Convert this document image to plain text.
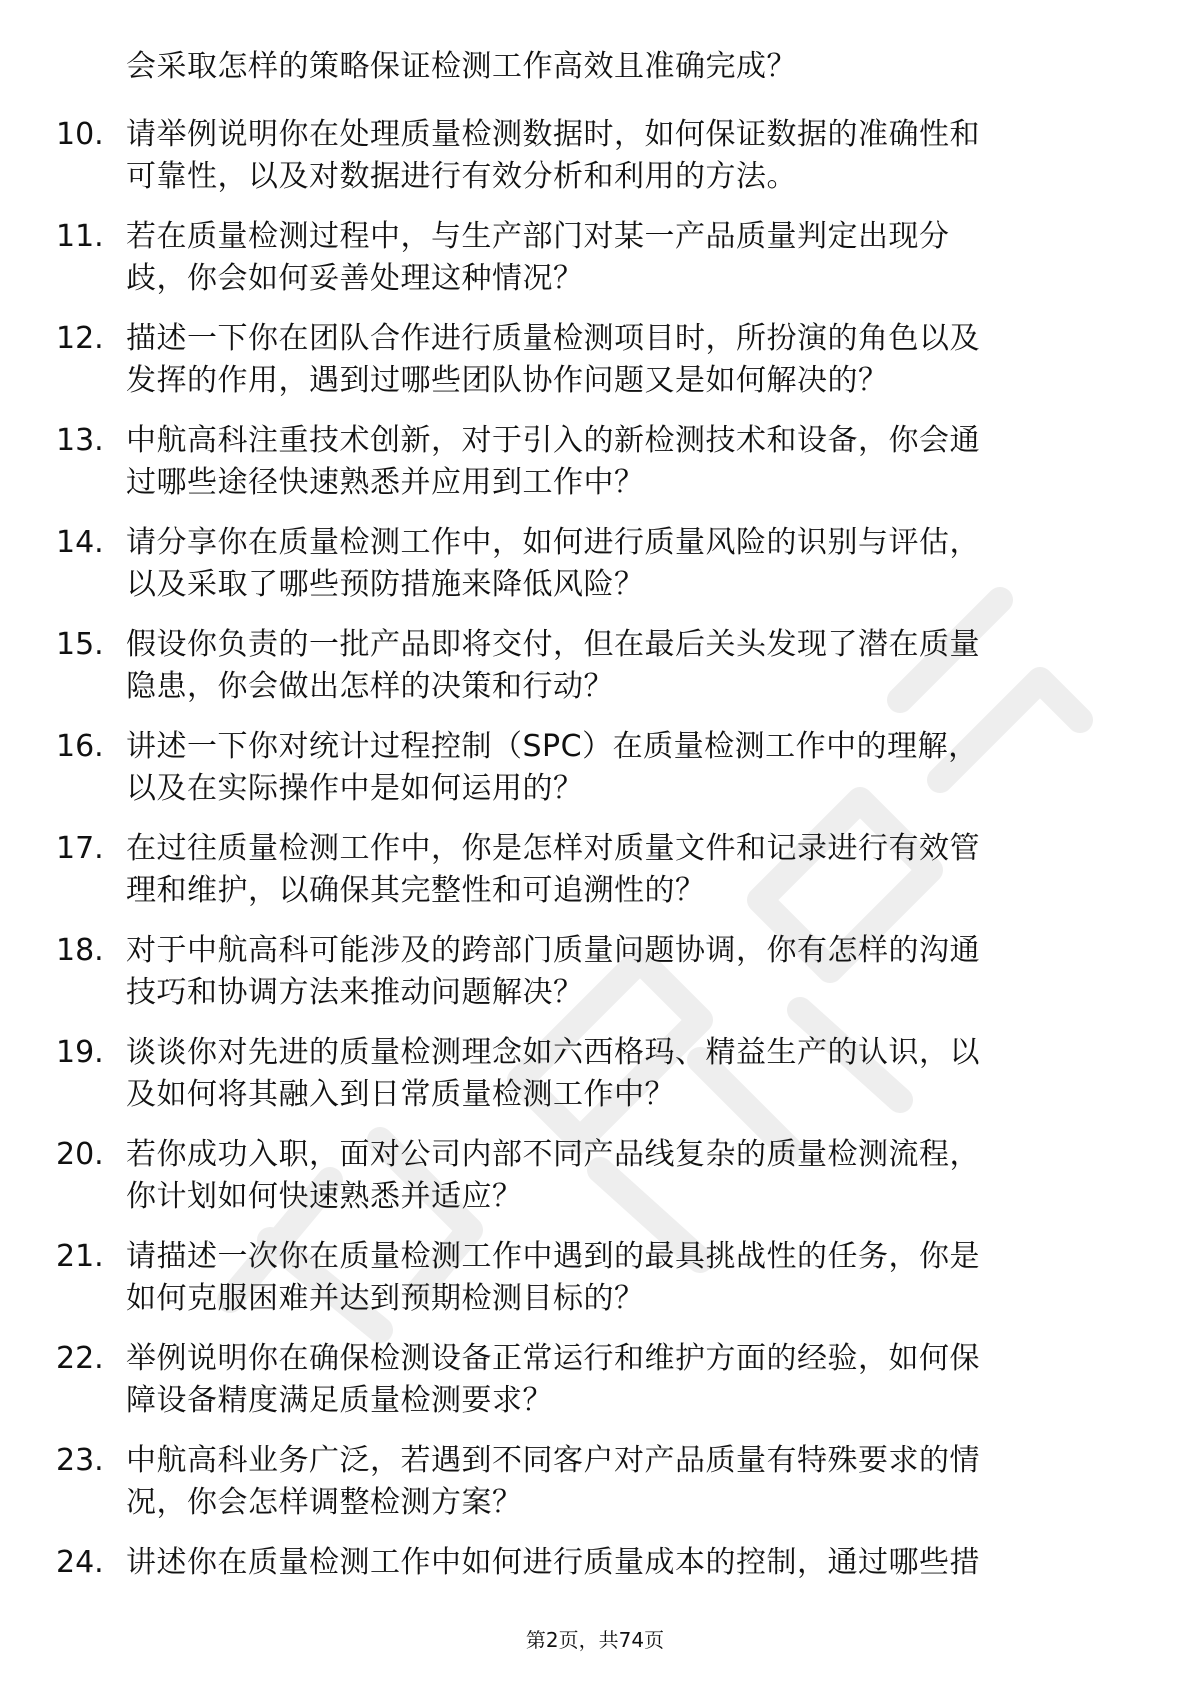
会采取怎样的策略保证检测工作高效且准确完成？
10. 请举例说明你在处理质量检测数据时，如何保证数据的准确性和
可靠性，以及对数据进行有效分析和利用的方法。
11. 若在质量检测过程中，与生产部门对某一产品质量判定出现分
歧，你会如何妥善处理这种情况？
12. 描述一下你在团队合作进行质量检测项目时，所扮演的角色以及
发挥的作用，遇到过哪些团队协作问题又是如何解决的？
13. 中航高科注重技术创新，对于引入的新检测技术和设备，你会通
过哪些途径快速熟悉并应用到工作中？
14. 请分享你在质量检测工作中，如何进行质量风险的识别与评估，
以及采取了哪些预防措施来降低风险？
15. 假设你负责的一批产品即将交付，但在最后关头发现了潜在质量
隐患，你会做出怎样的决策和行动？
16. 讲述一下你对统计过程控制（SPC）在质量检测工作中的理解，
以及在实际操作中是如何运用的？
17. 在过往质量检测工作中，你是怎样对质量文件和记录进行有效管
理和维护，以确保其完整性和可追溯性的？
18. 对于中航高科可能涉及的跨部门质量问题协调，你有怎样的沟通
技巧和协调方法来推动问题解决？
19. 谈谈你对先进的质量检测理念如六西格玛、精益生产的认识，以
及如何将其融入到日常质量检测工作中？
20. 若你成功入职，面对公司内部不同产品线复杂的质量检测流程，
你计划如何快速熟悉并适应？
21. 请描述一次你在质量检测工作中遇到的最具挑战性的任务，你是
如何克服困难并达到预期检测目标的？
22. 举例说明你在确保检测设备正常运行和维护方面的经验，如何保
障设备精度满足质量检测要求？
23. 中航高科业务广泛，若遇到不同客户对产品质量有特殊要求的情
况，你会怎样调整检测方案？
24. 讲述你在质量检测工作中如何进行质量成本的控制，通过哪些措
第2页，共74页
